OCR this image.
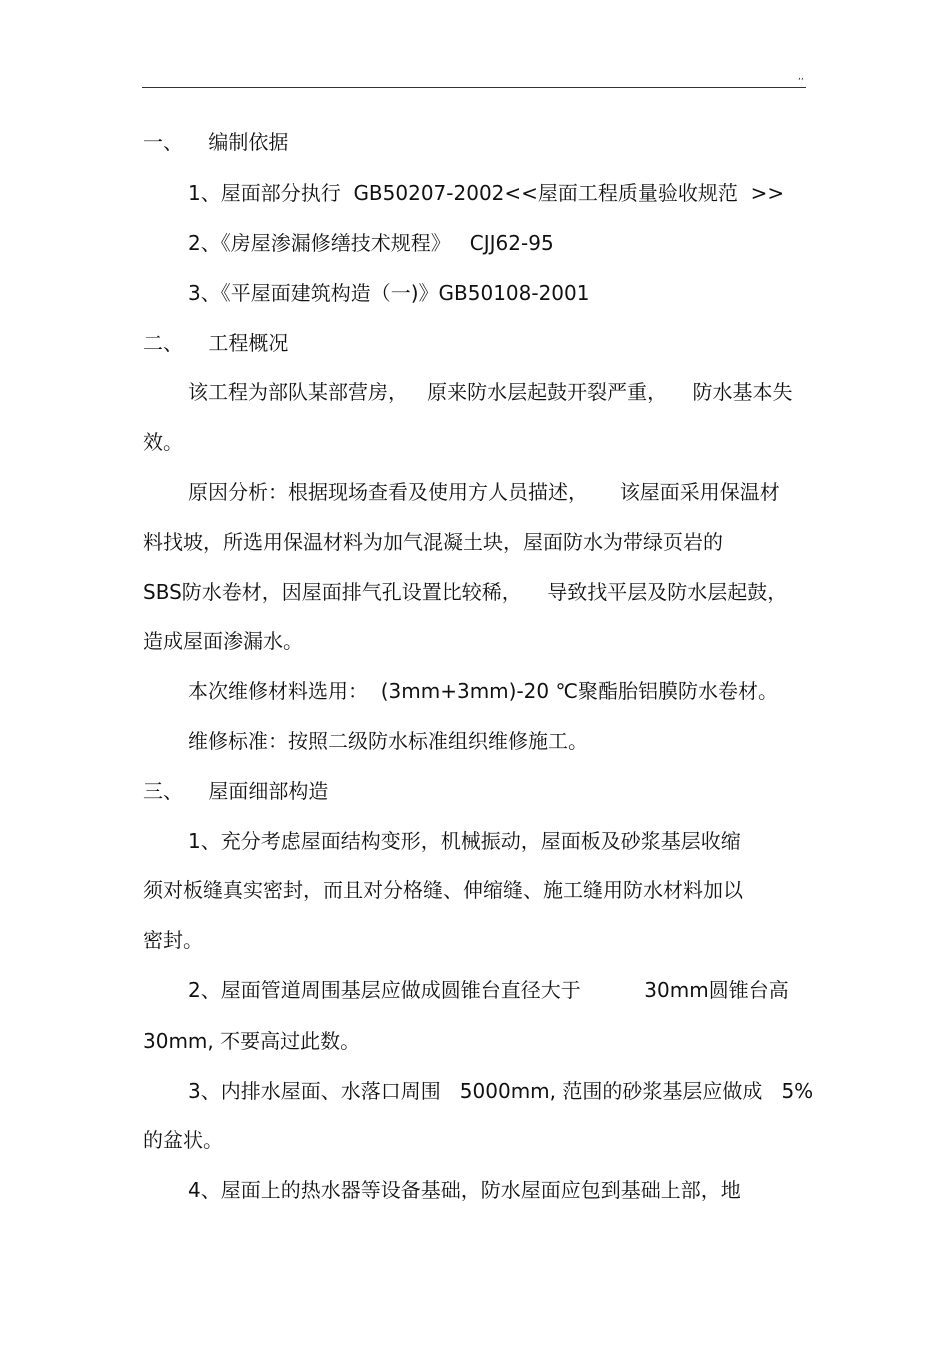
,,
一、    编制依据
1、屋面部分执行  GB50207-2002<<屋面工程质量验收规范  >>
2、《房屋渗漏修缮技术规程》   CJJ62-95
3、《平屋面建筑构造（一)》GB50108-2001
二、    工程概况
该工程为部队某部营房，   原来防水层起鼓开裂严重，    防水基本失
效。
原因分析：根据现场查看及使用方人员描述，     该屋面采用保温材
料找坡，所选用保温材料为加气混凝土块，屋面防水为带绿页岩的
SBS防水卷材，因屋面排气孔设置比较稀，    导致找平层及防水层起鼓，
造成屋面渗漏水。
本次维修材料选用：  (3mm+3mm)-20 ℃聚酯胎铝膜防水卷材。
维修标准：按照二级防水标准组织维修施工。
三、    屋面细部构造
1、充分考虑屋面结构变形，机械振动，屋面板及砂浆基层收缩
须对板缝真实密封，而且对分格缝、伸缩缝、施工缝用防水材料加以
密封。
2、屋面管道周围基层应做成圆锥台直径大于          30mm圆锥台高
30mm, 不要高过此数。
3、内排水屋面、水落口周围   5000mm, 范围的砂浆基层应做成   5%
的盆状。
4、屋面上的热水器等设备基础，防水屋面应包到基础上部，地
